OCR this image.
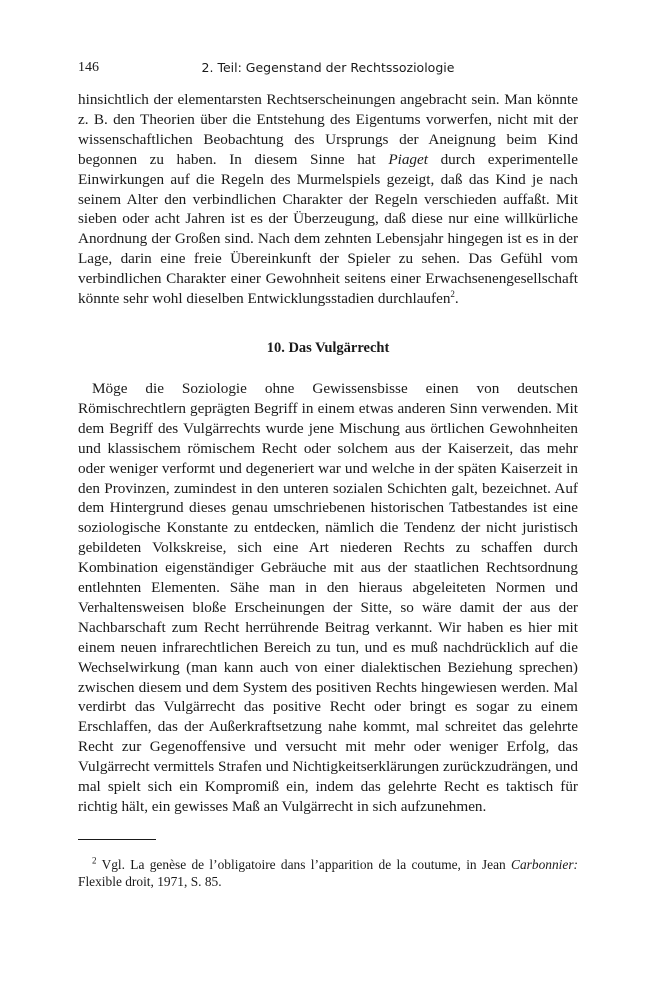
146	2. Teil: Gegenstand der Rechtssoziologie

hinsichtlich der elementarsten Rechtserscheinungen angebracht sein. Man könnte z. B. den Theorien über die Entstehung des Eigentums vorwerfen, nicht mit der wissenschaftlichen Beobachtung des Ursprungs der Aneignung beim Kind begonnen zu haben. In diesem Sinne hat Piaget durch experimentelle Einwirkungen auf die Regeln des Murmelspiels gezeigt, daß das Kind je nach seinem Alter den verbindlichen Charakter der Regeln verschieden auffaßt. Mit sieben oder acht Jahren ist es der Überzeugung, daß diese nur eine willkürliche Anordnung der Großen sind. Nach dem zehnten Lebensjahr hingegen ist es in der Lage, darin eine freie Übereinkunft der Spieler zu sehen. Das Gefühl vom verbindlichen Charakter einer Gewohnheit seitens einer Erwachsenengesellschaft könnte sehr wohl dieselben Entwicklungsstadien durchlaufen$^2$.

10. Das Vulgärrecht

Möge die Soziologie ohne Gewissensbisse einen von deutschen Römischrechtlern geprägten Begriff in einem etwas anderen Sinn verwenden. Mit dem Begriff des Vulgärrechts wurde jene Mischung aus örtlichen Gewohnheiten und klassischem römischem Recht oder solchem aus der Kaiserzeit, das mehr oder weniger verformt und degeneriert war und welche in der späten Kaiserzeit in den Provinzen, zumindest in den unteren sozialen Schichten galt, bezeichnet. Auf dem Hintergrund dieses genau umschriebenen historischen Tatbestandes ist eine soziologische Konstante zu entdecken, nämlich die Tendenz der nicht juristisch gebildeten Volkskreise, sich eine Art niederen Rechts zu schaffen durch Kombination eigenständiger Gebräuche mit aus der staatlichen Rechtsordnung entlehnten Elementen. Sähe man in den hieraus abgeleiteten Normen und Verhaltensweisen bloße Erscheinungen der Sitte, so wäre damit der aus der Nachbarschaft zum Recht herrührende Beitrag verkannt. Wir haben es hier mit einem neuen infrarechtlichen Bereich zu tun, und es muß nachdrücklich auf die Wechselwirkung (man kann auch von einer dialektischen Beziehung sprechen) zwischen diesem und dem System des positiven Rechts hingewiesen werden. Mal verdirbt das Vulgärrecht das positive Recht oder bringt es sogar zu einem Erschlaffen, das der Außerkraftsetzung nahe kommt, mal schreitet das gelehrte Recht zur Gegenoffensive und versucht mit mehr oder weniger Erfolg, das Vulgärrecht vermittels Strafen und Nichtigkeitserklärungen zurückzudrängen, und mal spielt sich ein Kompromiß ein, indem das gelehrte Recht es taktisch für richtig hält, ein gewisses Maß an Vulgärrecht in sich aufzunehmen.

$^2$ Vgl. La genèse de l’obligatoire dans l’apparition de la coutume, in Jean Carbonnier: Flexible droit, 1971, S. 85.
